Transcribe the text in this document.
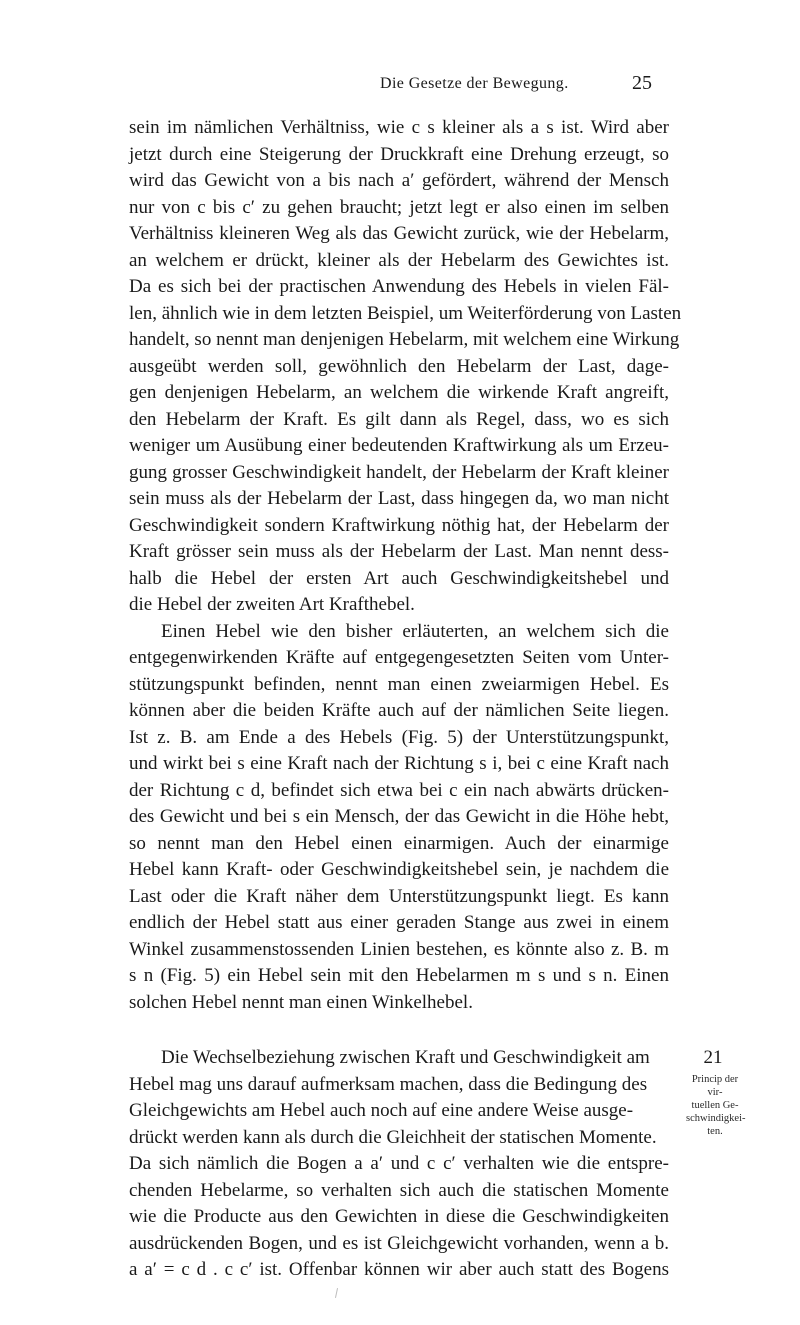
Die Gesetze der Bewegung.	25
sein im nämlichen Verhältniss, wie c s kleiner als a s ist. Wird aber
jetzt durch eine Steigerung der Druckkraft eine Drehung erzeugt, so
wird das Gewicht von a bis nach a′ gefördert, während der Mensch
nur von c bis c′ zu gehen braucht; jetzt legt er also einen im selben
Verhältniss kleineren Weg als das Gewicht zurück, wie der Hebelarm,
an welchem er drückt, kleiner als der Hebelarm des Gewichtes ist.
Da es sich bei der practischen Anwendung des Hebels in vielen Fäl-
len, ähnlich wie in dem letzten Beispiel, um Weiterförderung von Lasten
handelt, so nennt man denjenigen Hebelarm, mit welchem eine Wirkung
ausgeübt werden soll, gewöhnlich den Hebelarm der Last, dage-
gen denjenigen Hebelarm, an welchem die wirkende Kraft angreift,
den Hebelarm der Kraft. Es gilt dann als Regel, dass, wo es sich
weniger um Ausübung einer bedeutenden Kraftwirkung als um Erzeu-
gung grosser Geschwindigkeit handelt, der Hebelarm der Kraft kleiner
sein muss als der Hebelarm der Last, dass hingegen da, wo man nicht
Geschwindigkeit sondern Kraftwirkung nöthig hat, der Hebelarm der
Kraft grösser sein muss als der Hebelarm der Last. Man nennt dess-
halb die Hebel der ersten Art auch Geschwindigkeitshebel und
die Hebel der zweiten Art Krafthebel.
Einen Hebel wie den bisher erläuterten, an welchem sich die
entgegenwirkenden Kräfte auf entgegengesetzten Seiten vom Unter-
stützungspunkt befinden, nennt man einen zweiarmigen Hebel. Es
können aber die beiden Kräfte auch auf der nämlichen Seite liegen.
Ist z. B. am Ende a des Hebels (Fig. 5) der Unterstützungspunkt,
und wirkt bei s eine Kraft nach der Richtung s i, bei c eine Kraft nach
der Richtung c d, befindet sich etwa bei c ein nach abwärts drücken-
des Gewicht und bei s ein Mensch, der das Gewicht in die Höhe hebt,
so nennt man den Hebel einen einarmigen. Auch der einarmige
Hebel kann Kraft- oder Geschwindigkeitshebel sein, je nachdem die
Last oder die Kraft näher dem Unterstützungspunkt liegt. Es kann
endlich der Hebel statt aus einer geraden Stange aus zwei in einem
Winkel zusammenstossenden Linien bestehen, es könnte also z. B. m
s n (Fig. 5) ein Hebel sein mit den Hebelarmen m s und s n. Einen
solchen Hebel nennt man einen Winkelhebel.
21
Princip der vir-
tuellen Ge-
schwindigkei-
ten.
Die Wechselbeziehung zwischen Kraft und Geschwindigkeit am
Hebel mag uns darauf aufmerksam machen, dass die Bedingung des
Gleichgewichts am Hebel auch noch auf eine andere Weise ausge-
drückt werden kann als durch die Gleichheit der statischen Momente.
Da sich nämlich die Bogen a a′ und c c′ verhalten wie die entspre-
chenden Hebelarme, so verhalten sich auch die statischen Momente
wie die Producte aus den Gewichten in diese die Geschwindigkeiten
ausdrückenden Bogen, und es ist Gleichgewicht vorhanden, wenn a b.
a a′ = c d . c c′ ist. Offenbar können wir aber auch statt des Bogens
